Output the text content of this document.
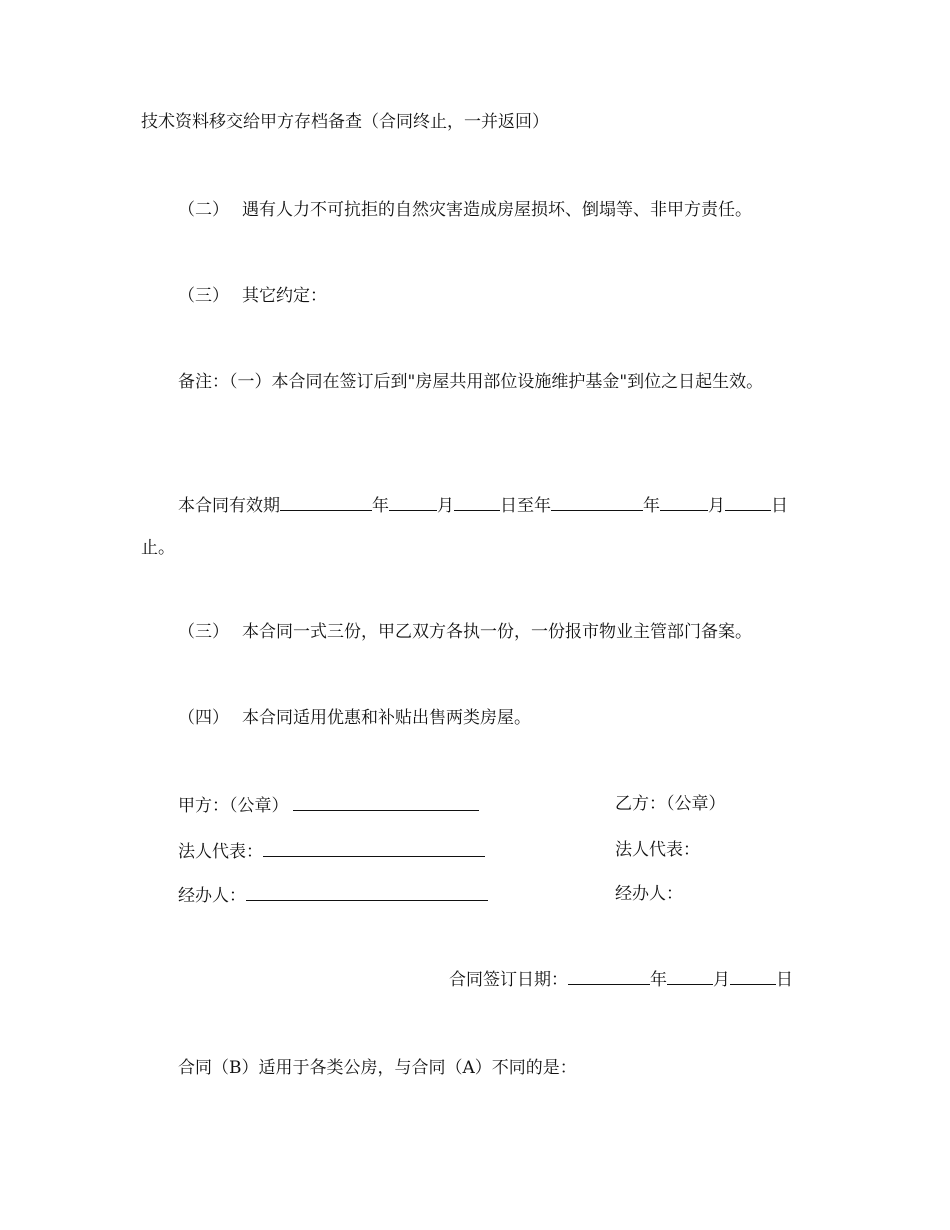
技术资料移交给甲方存档备查（合同终止，一并返回）
（二） 遇有人力不可抗拒的自然灾害造成房屋损坏、倒塌等、非甲方责任。
（三） 其它约定：
备注：（一）本合同在签订后到"房屋共用部位设施维护基金"到位之日起生效。
本合同有效期	年	月	日至年	年	月	日
止。
（三） 本合同一式三份，甲乙双方各执一份，一份报市物业主管部门备案。
（四） 本合同适用优惠和补贴出售两类房屋。
甲方：（公章）
法人代表：
经办人：
乙方：（公章）
法人代表：
经办人：
合同签订日期：	年	月	日
合同（B）适用于各类公房，与合同（A）不同的是：
